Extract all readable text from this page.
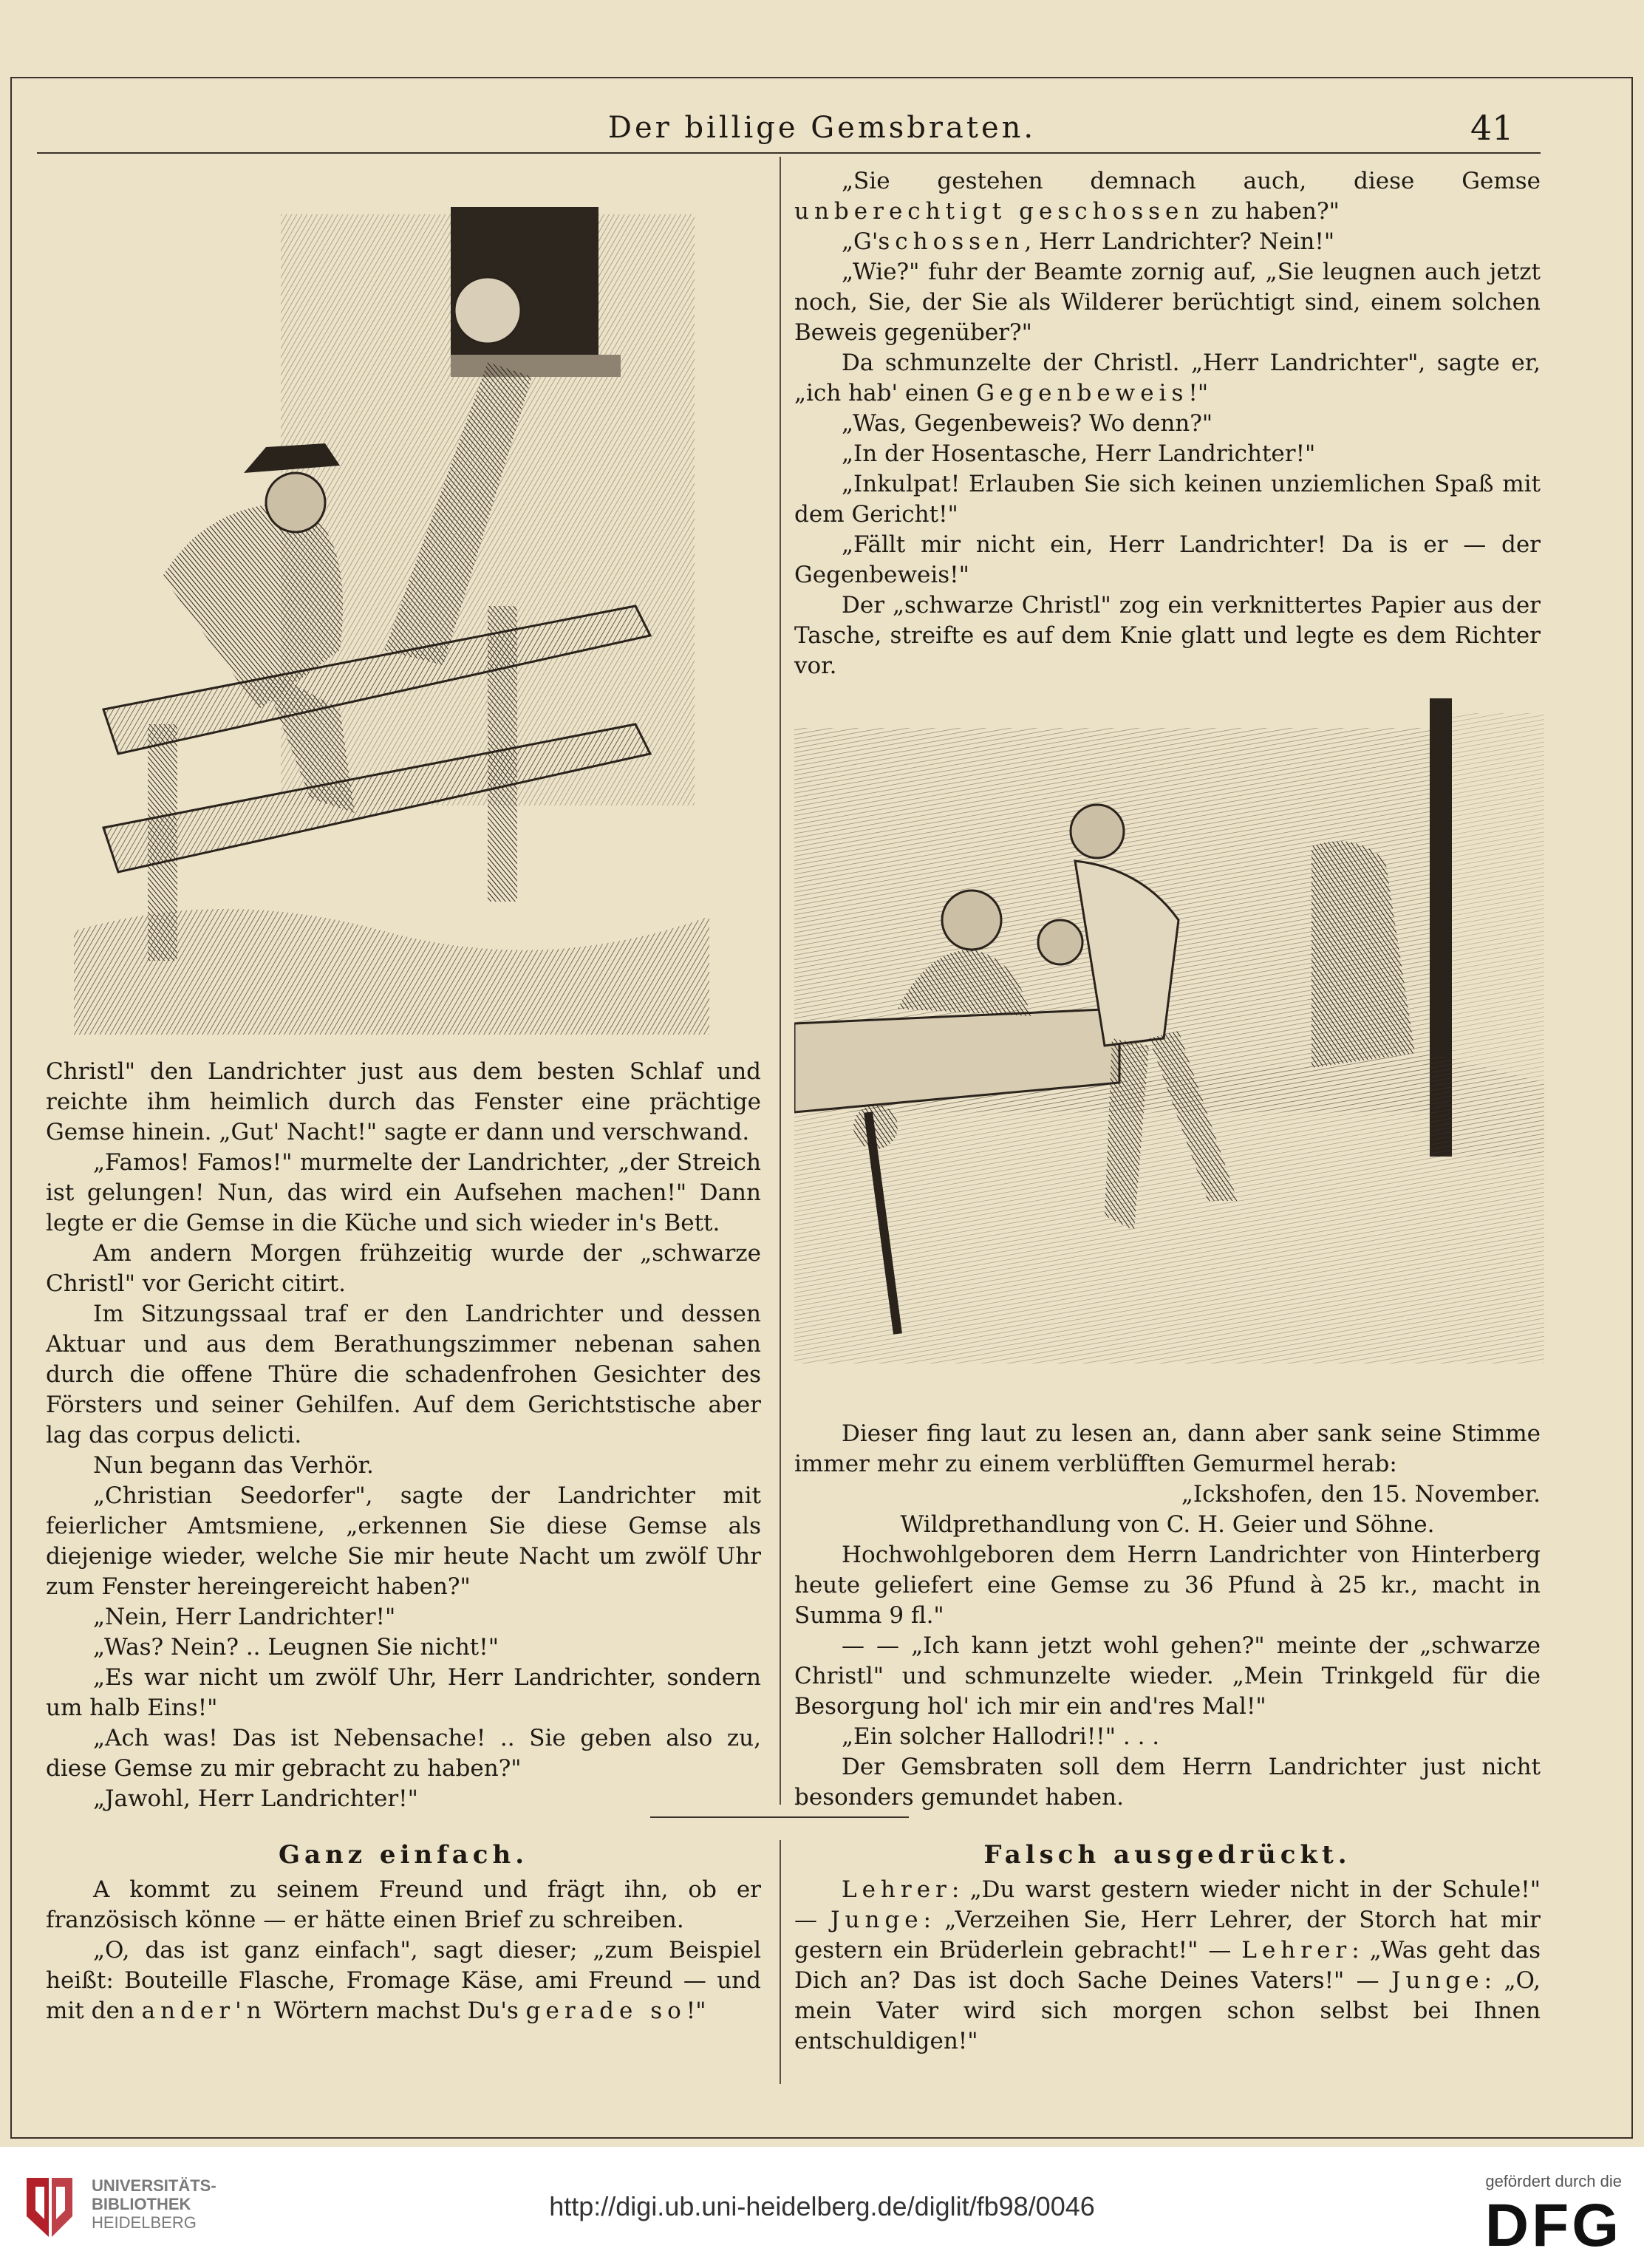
Der billige Gemsbraten.	41

Christl" den Landrichter just aus dem besten Schlaf und reichte ihm heimlich durch das Fenster eine prächtige Gemse hinein. „Gut' Nacht!" sagte er dann und verschwand.

„Famos! Famos!" murmelte der Landrichter, „der Streich ist gelungen! Nun, das wird ein Aufsehen machen!" Dann legte er die Gemse in die Küche und sich wieder in's Bett.

Am andern Morgen frühzeitig wurde der „schwarze Christl" vor Gericht citirt.

Im Sitzungssaal traf er den Landrichter und dessen Aktuar und aus dem Berathungszimmer nebenan sahen durch die offene Thüre die schadenfrohen Gesichter des Försters und seiner Gehilfen. Auf dem Gerichtstische aber lag das corpus delicti.

Nun begann das Verhör.

„Christian Seedorfer", sagte der Landrichter mit feierlicher Amtsmiene, „erkennen Sie diese Gemse als diejenige wieder, welche Sie mir heute Nacht um zwölf Uhr zum Fenster hereingereicht haben?"

„Nein, Herr Landrichter!"

„Was? Nein? .. Leugnen Sie nicht!"

„Es war nicht um zwölf Uhr, Herr Landrichter, sondern um halb Eins!"

„Ach was! Das ist Nebensache! .. Sie geben also zu, diese Gemse zu mir gebracht zu haben?"

„Jawohl, Herr Landrichter!"

„Sie gestehen demnach auch, diese Gemse unberechtigt geschossen zu haben?"

„G'schossen, Herr Landrichter? Nein!"

„Wie?" fuhr der Beamte zornig auf, „Sie leugnen auch jetzt noch, Sie, der Sie als Wilderer berüchtigt sind, einem solchen Beweis gegenüber?"

Da schmunzelte der Christl. „Herr Landrichter", sagte er, „ich hab' einen Gegenbeweis!"

„Was, Gegenbeweis? Wo denn?"

„In der Hosentasche, Herr Landrichter!"

„Inkulpat! Erlauben Sie sich keinen unziemlichen Spaß mit dem Gericht!"

„Fällt mir nicht ein, Herr Landrichter! Da is er — der Gegenbeweis!"

Der „schwarze Christl" zog ein verknittertes Papier aus der Tasche, streifte es auf dem Knie glatt und legte es dem Richter vor.

Dieser fing laut zu lesen an, dann aber sank seine Stimme immer mehr zu einem verblüfften Gemurmel herab:

„Ickshofen, den 15. November.

Wildprethandlung von C. H. Geier und Söhne.

Hochwohlgeboren dem Herrn Landrichter von Hinterberg heute geliefert eine Gemse zu 36 Pfund à 25 kr., macht in Summa 9 fl."

— — „Ich kann jetzt wohl gehen?" meinte der „schwarze Christl" und schmunzelte wieder. „Mein Trinkgeld für die Besorgung hol' ich mir ein and'res Mal!"

„Ein solcher Hallodri!!" . . .

Der Gemsbraten soll dem Herrn Landrichter just nicht besonders gemundet haben.

Ganz einfach.

A kommt zu seinem Freund und frägt ihn, ob er französisch könne — er hätte einen Brief zu schreiben.

„O, das ist ganz einfach", sagt dieser; „zum Beispiel heißt: Bouteille Flasche, Fromage Käse, ami Freund — und mit den ander'n Wörtern machst Du's gerade so!"

Falsch ausgedrückt.

Lehrer: „Du warst gestern wieder nicht in der Schule!" — Junge: „Verzeihen Sie, Herr Lehrer, der Storch hat mir gestern ein Brüderlein gebracht!" — Lehrer: „Was geht das Dich an? Das ist doch Sache Deines Vaters!" — Junge: „O, mein Vater wird sich morgen schon selbst bei Ihnen entschuldigen!"

UNIVERSITÄTS-
BIBLIOTHEK
HEIDELBERG
http://digi.ub.uni-heidelberg.de/diglit/fb98/0046
gefördert durch die
DFG
